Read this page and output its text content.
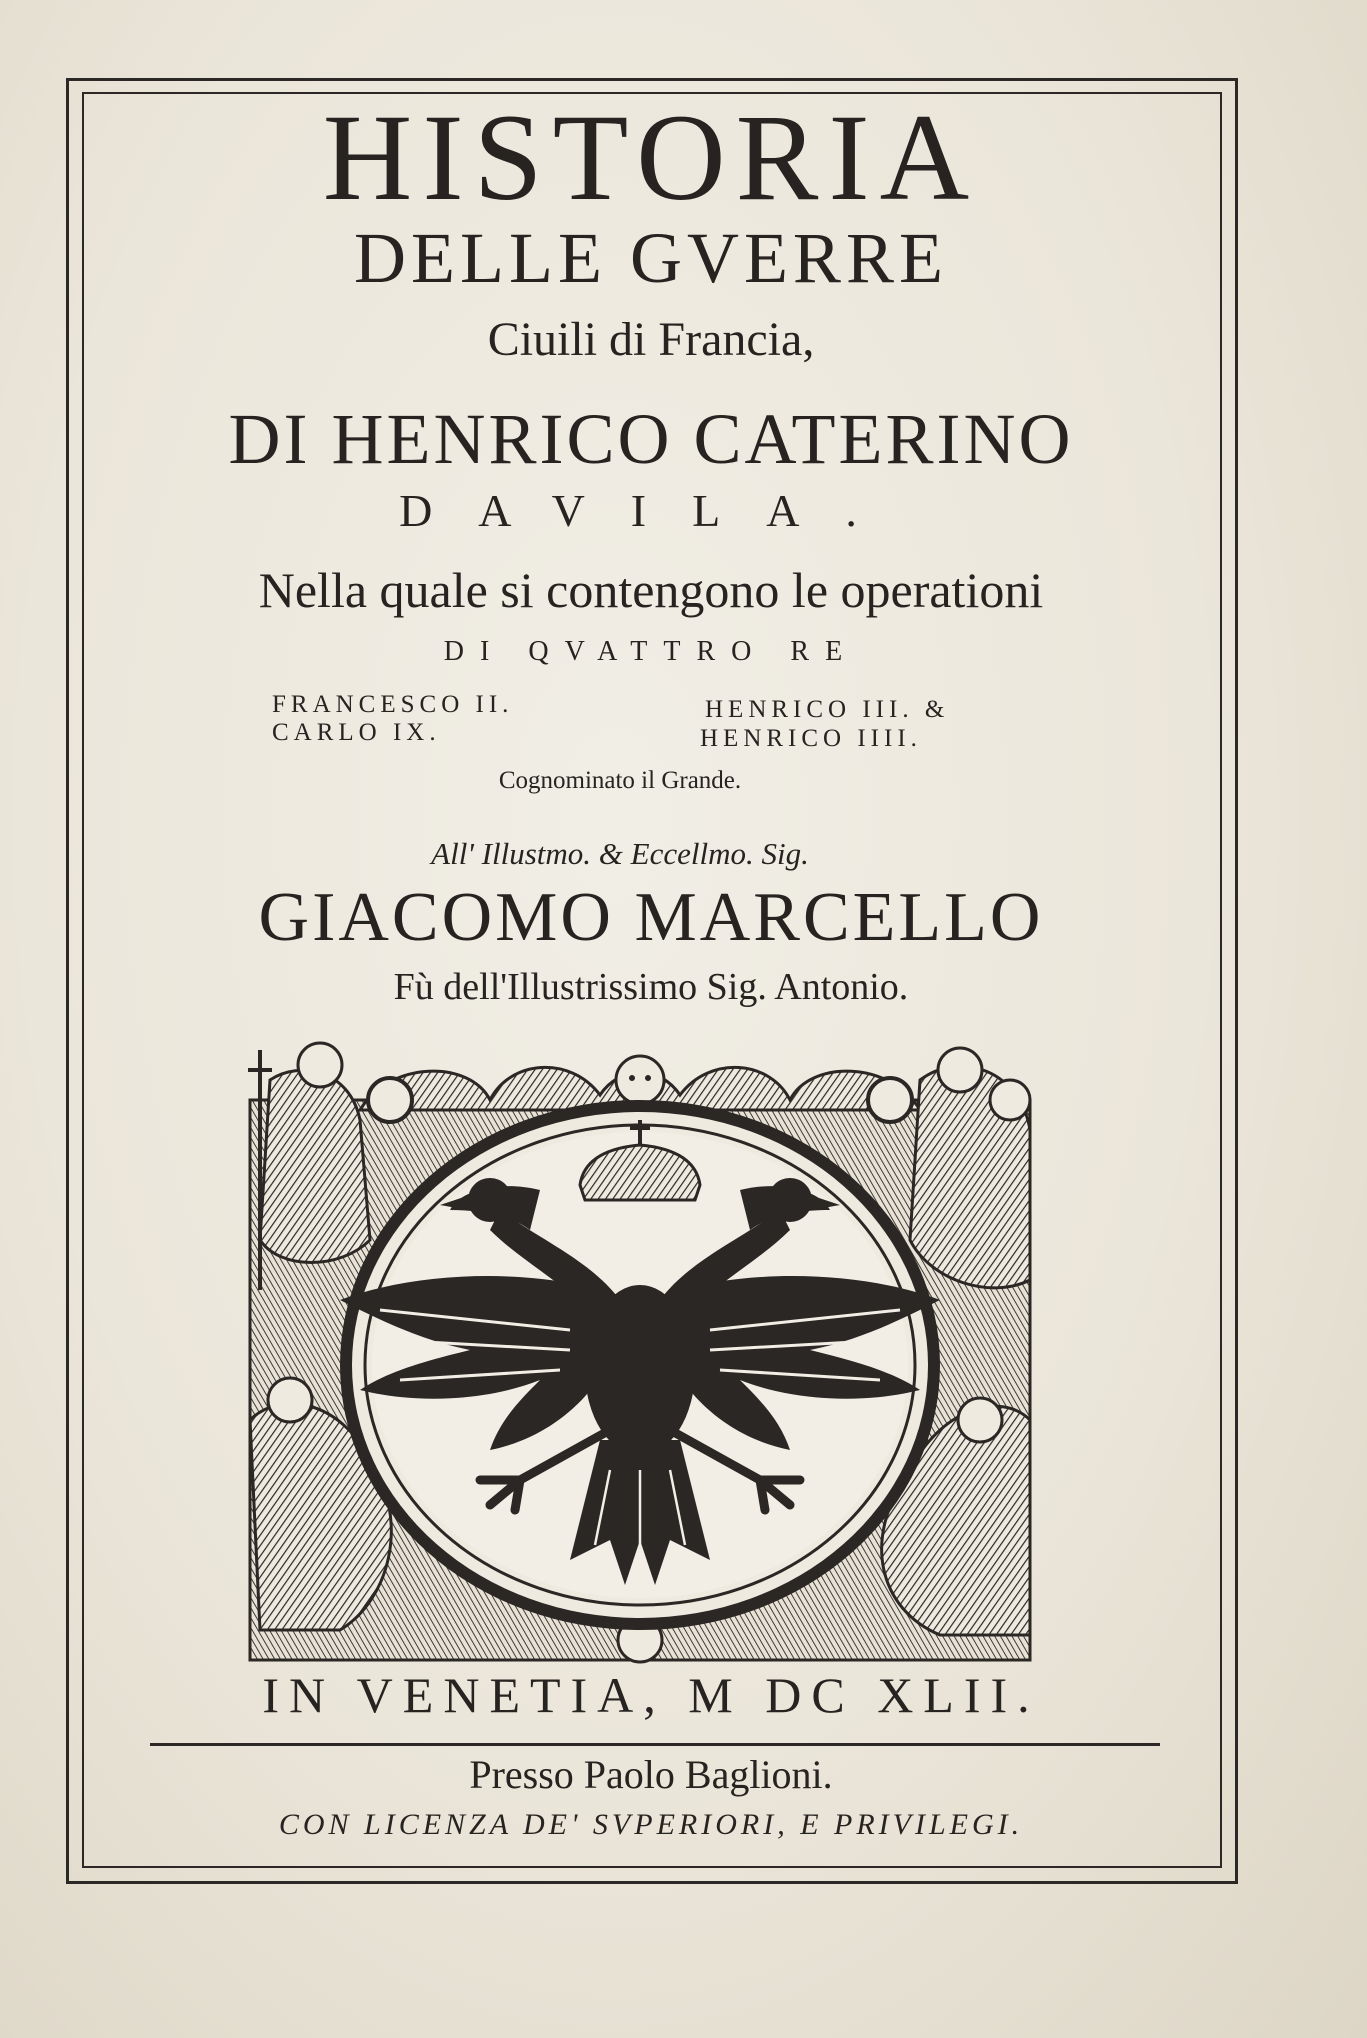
HISTORIA
DELLE GVERRE
Ciuili di Francia,
DI HENRICO CATERINO
DAVILA.
Nella quale si contengono le operationi
DI QVATTRO RE
FRANCESCO II.
CARLO IX.
HENRICO III. &
HENRICO IIII.
Cognominato il Grande.
All' Illustmo. & Eccellmo. Sig.
GIACOMO MARCELLO
Fù dell'Illustrissimo Sig. Antonio.
IN VENETIA, M DC XLII.
Presso Paolo Baglioni.
CON LICENZA DE' SVPERIORI, E PRIVILEGI.
